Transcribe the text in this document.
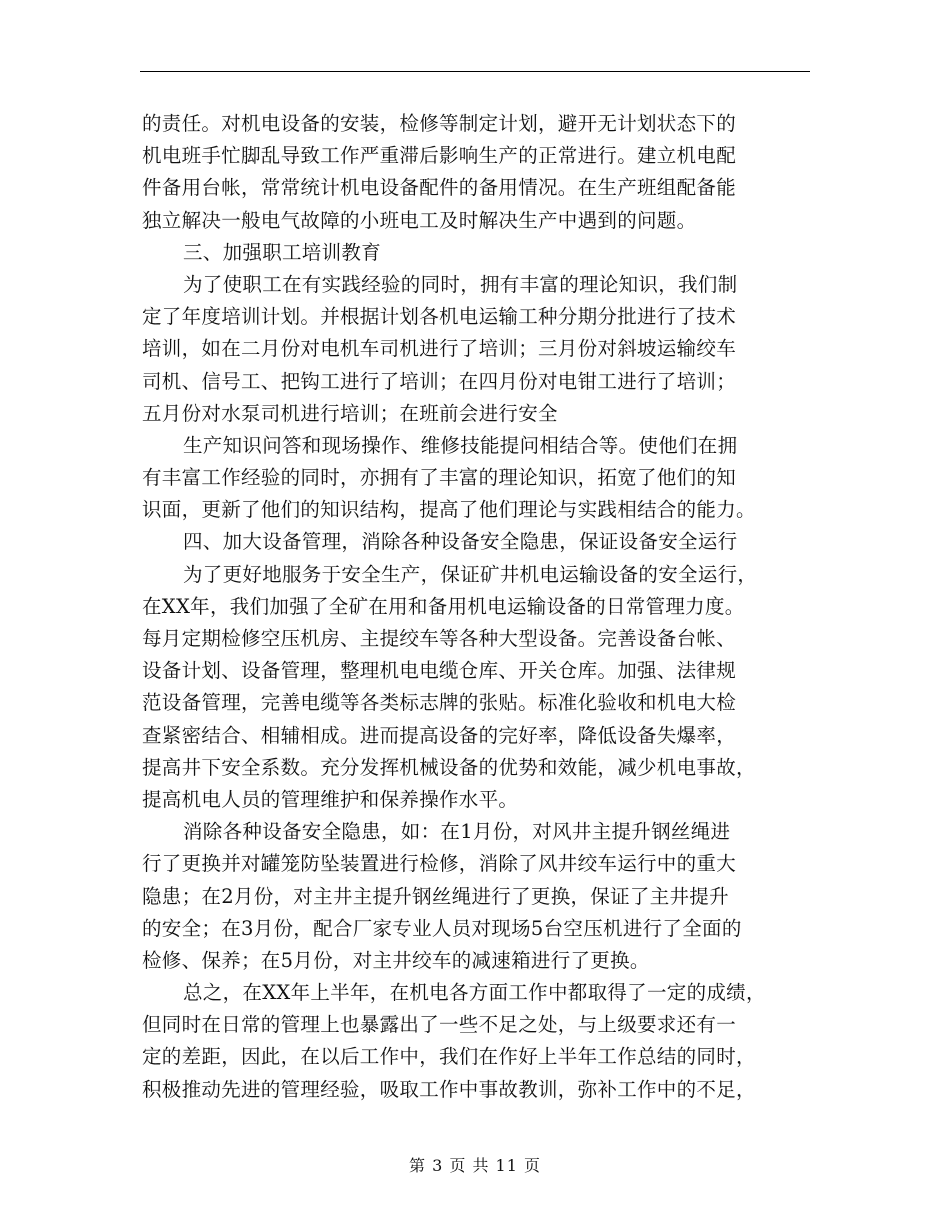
的责任。对机电设备的安装，检修等制定计划，避开无计划状态下的
机电班手忙脚乱导致工作严重滞后影响生产的正常进行。建立机电配
件备用台帐，常常统计机电设备配件的备用情况。在生产班组配备能
独立解决一般电气故障的小班电工及时解决生产中遇到的问题。
三、加强职工培训教育
为了使职工在有实践经验的同时，拥有丰富的理论知识，我们制
定了年度培训计划。并根据计划各机电运输工种分期分批进行了技术
培训，如在二月份对电机车司机进行了培训；三月份对斜坡运输绞车
司机、信号工、把钩工进行了培训；在四月份对电钳工进行了培训；
五月份对水泵司机进行培训；在班前会进行安全
生产知识问答和现场操作、维修技能提问相结合等。使他们在拥
有丰富工作经验的同时，亦拥有了丰富的理论知识，拓宽了他们的知
识面，更新了他们的知识结构，提高了他们理论与实践相结合的能力。
四、加大设备管理，消除各种设备安全隐患，保证设备安全运行
为了更好地服务于安全生产，保证矿井机电运输设备的安全运行，
在XX年，我们加强了全矿在用和备用机电运输设备的日常管理力度。
每月定期检修空压机房、主提绞车等各种大型设备。完善设备台帐、
设备计划、设备管理，整理机电电缆仓库、开关仓库。加强、法律规
范设备管理，完善电缆等各类标志牌的张贴。标准化验收和机电大检
查紧密结合、相辅相成。进而提高设备的完好率，降低设备失爆率，
提高井下安全系数。充分发挥机械设备的优势和效能，减少机电事故，
提高机电人员的管理维护和保养操作水平。
消除各种设备安全隐患，如：在1月份，对风井主提升钢丝绳进
行了更换并对罐笼防坠装置进行检修，消除了风井绞车运行中的重大
隐患；在2月份，对主井主提升钢丝绳进行了更换，保证了主井提升
的安全；在3月份，配合厂家专业人员对现场5台空压机进行了全面的
检修、保养；在5月份，对主井绞车的减速箱进行了更换。
总之，在XX年上半年，在机电各方面工作中都取得了一定的成绩，
但同时在日常的管理上也暴露出了一些不足之处，与上级要求还有一
定的差距，因此，在以后工作中，我们在作好上半年工作总结的同时，
积极推动先进的管理经验，吸取工作中事故教训，弥补工作中的不足，
第 3 页 共 11 页
